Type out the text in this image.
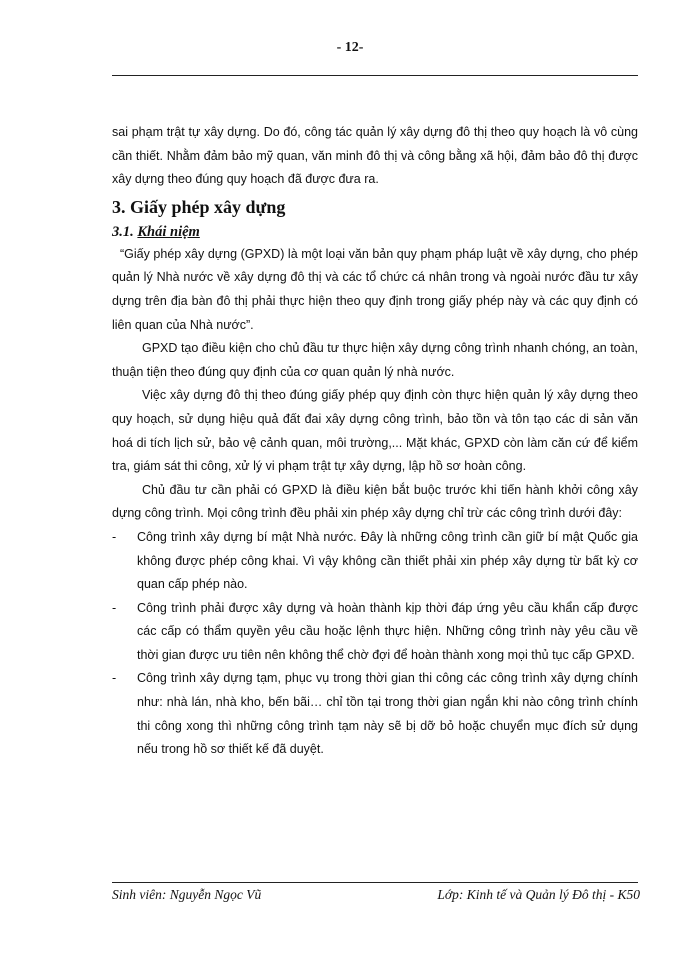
- 12-

sai phạm trật tự xây dựng. Do đó, công tác quản lý xây dựng đô thị theo quy hoạch là vô cùng cần thiết. Nhằm đảm bảo mỹ quan, văn minh đô thị và công bằng xã hội, đảm bảo đô thị được xây dựng theo đúng quy hoạch đã được đưa ra.

3. Giấy phép xây dựng
3.1. Khái niệm

“Giấy phép xây dựng (GPXD) là một loại văn bản quy phạm pháp luật về xây dựng, cho phép quản lý Nhà nước về xây dựng đô thị và các tổ chức cá nhân trong và ngoài nước đầu tư xây dựng trên địa bàn đô thị phải thực hiện theo quy định trong giấy phép này và các quy định có liên quan của Nhà nước”.

GPXD tạo điều kiện cho chủ đầu tư thực hiện xây dựng công trình nhanh chóng, an toàn, thuận tiện theo đúng quy định của cơ quan quản lý nhà nước.

Việc xây dựng đô thị theo đúng giấy phép quy định còn thực hiện quản lý xây dựng theo quy hoạch, sử dụng hiệu quả đất đai xây dựng công trình, bảo tồn và tôn tạo các di sản văn hoá di tích lịch sử, bảo vệ cảnh quan, môi trường,... Mặt khác, GPXD còn làm căn cứ để kiểm tra, giám sát thi công, xử lý vi phạm trật tự xây dựng, lập hồ sơ hoàn công.

Chủ đầu tư cần phải có GPXD là điều kiện bắt buộc trước khi tiến hành khởi công xây dựng công trình. Mọi công trình đều phải xin phép xây dựng chỉ trừ các công trình dưới đây:

- Công trình xây dựng bí mật Nhà nước. Đây là những công trình cần giữ bí mật Quốc gia không được phép công khai. Vì vậy không cần thiết phải xin phép xây dựng từ bất kỳ cơ quan cấp phép nào.
- Công trình phải được xây dựng và hoàn thành kịp thời đáp ứng yêu cầu khẩn cấp được các cấp có thẩm quyền yêu cầu hoặc lệnh thực hiện. Những công trình này yêu cầu về thời gian được ưu tiên nên không thể chờ đợi để hoàn thành xong mọi thủ tục cấp GPXD.
- Công trình xây dựng tạm, phục vụ trong thời gian thi công các công trình xây dựng chính như: nhà lán, nhà kho, bến bãi… chỉ tồn tại trong thời gian ngắn khi nào công trình chính thi công xong thì những công trình tạm này sẽ bị dỡ bỏ hoặc chuyển mục đích sử dụng nếu trong hồ sơ thiết kế đã duyệt.
Sinh viên: Nguyễn Ngọc Vũ	Lớp: Kinh tế và Quản lý Đô thị - K50
